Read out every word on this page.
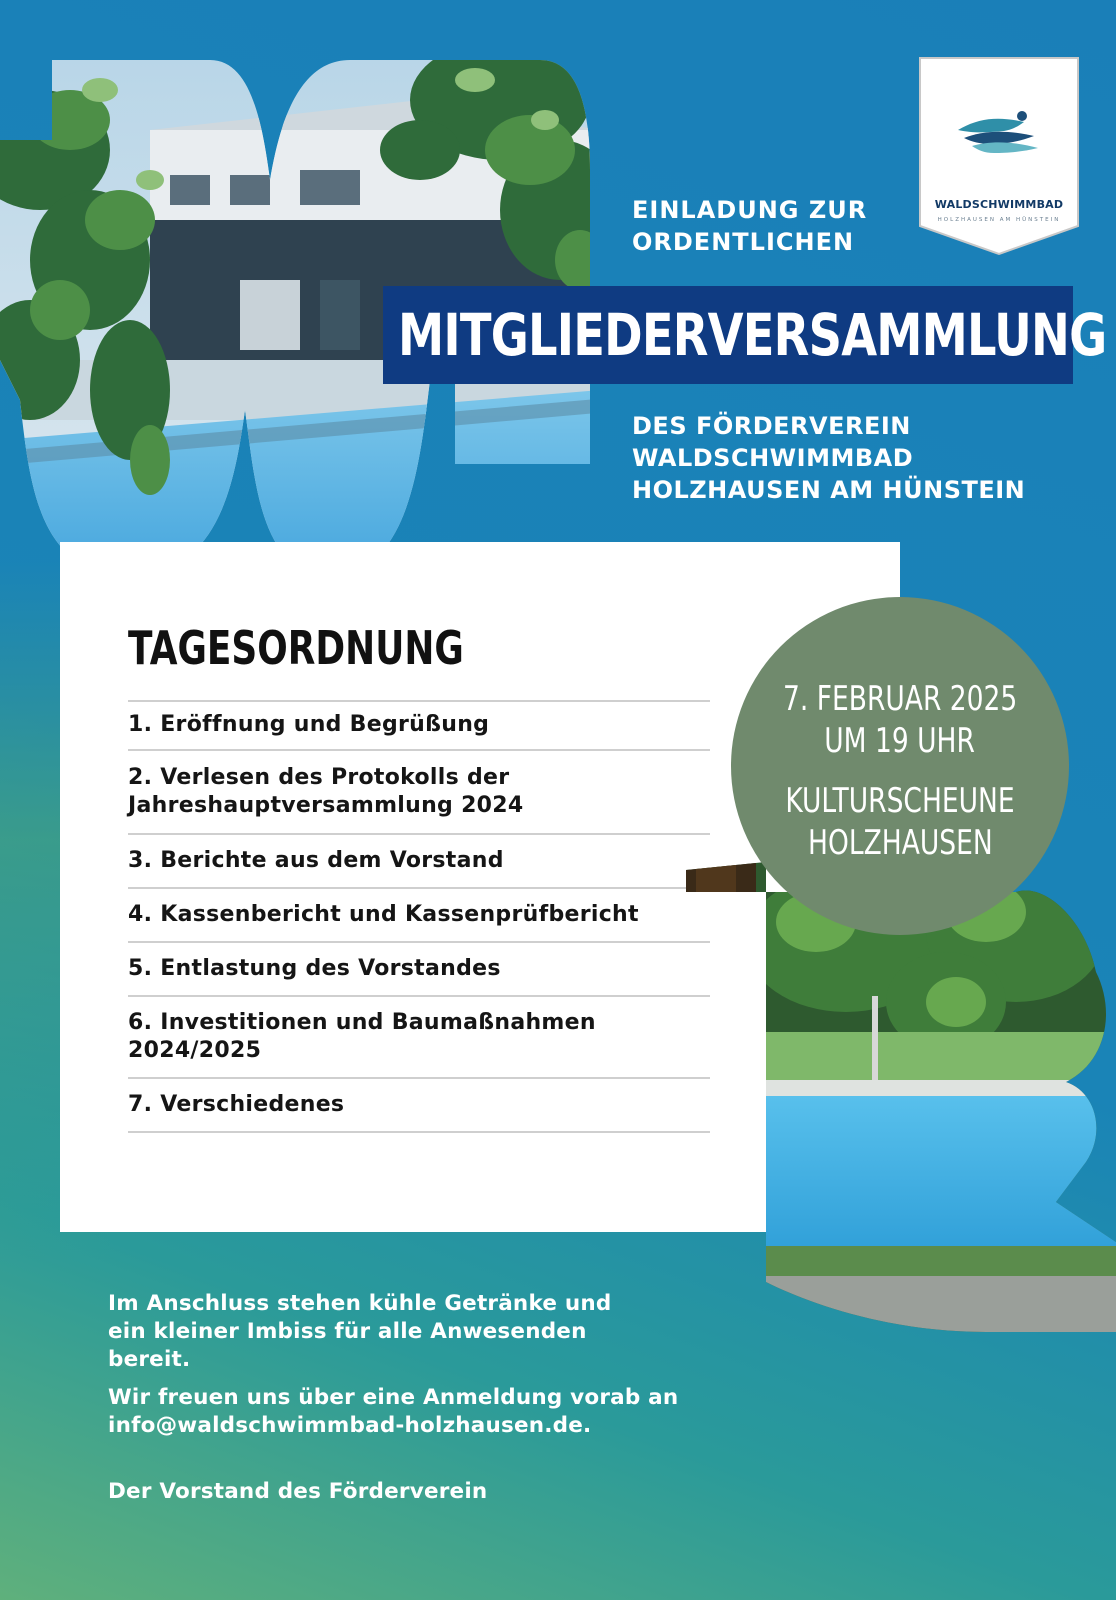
WALDSCHWIMMBAD
HOLZHAUSEN AM HÜNSTEIN
EINLADUNG ZUR
ORDENTLICHEN
MITGLIEDERVERSAMMLUNG
DES FÖRDERVEREIN
WALDSCHWIMMBAD
HOLZHAUSEN AM HÜNSTEIN
TAGESORDNUNG
1. Eröffnung und Begrüßung
2. Verlesen des Protokolls der
Jahreshauptversammlung 2024
3. Berichte aus dem Vorstand
4. Kassenbericht und Kassenprüfbericht
5. Entlastung des Vorstandes
6. Investitionen und Baumaßnahmen
2024/2025
7. Verschiedenes
7. FEBRUAR 2025
UM 19 UHR
KULTURSCHEUNE
HOLZHAUSEN
Im Anschluss stehen kühle Getränke und
ein kleiner Imbiss für alle Anwesenden
bereit.
Wir freuen uns über eine Anmeldung vorab an
info@waldschwimmbad-holzhausen.de.
Der Vorstand des Förderverein
